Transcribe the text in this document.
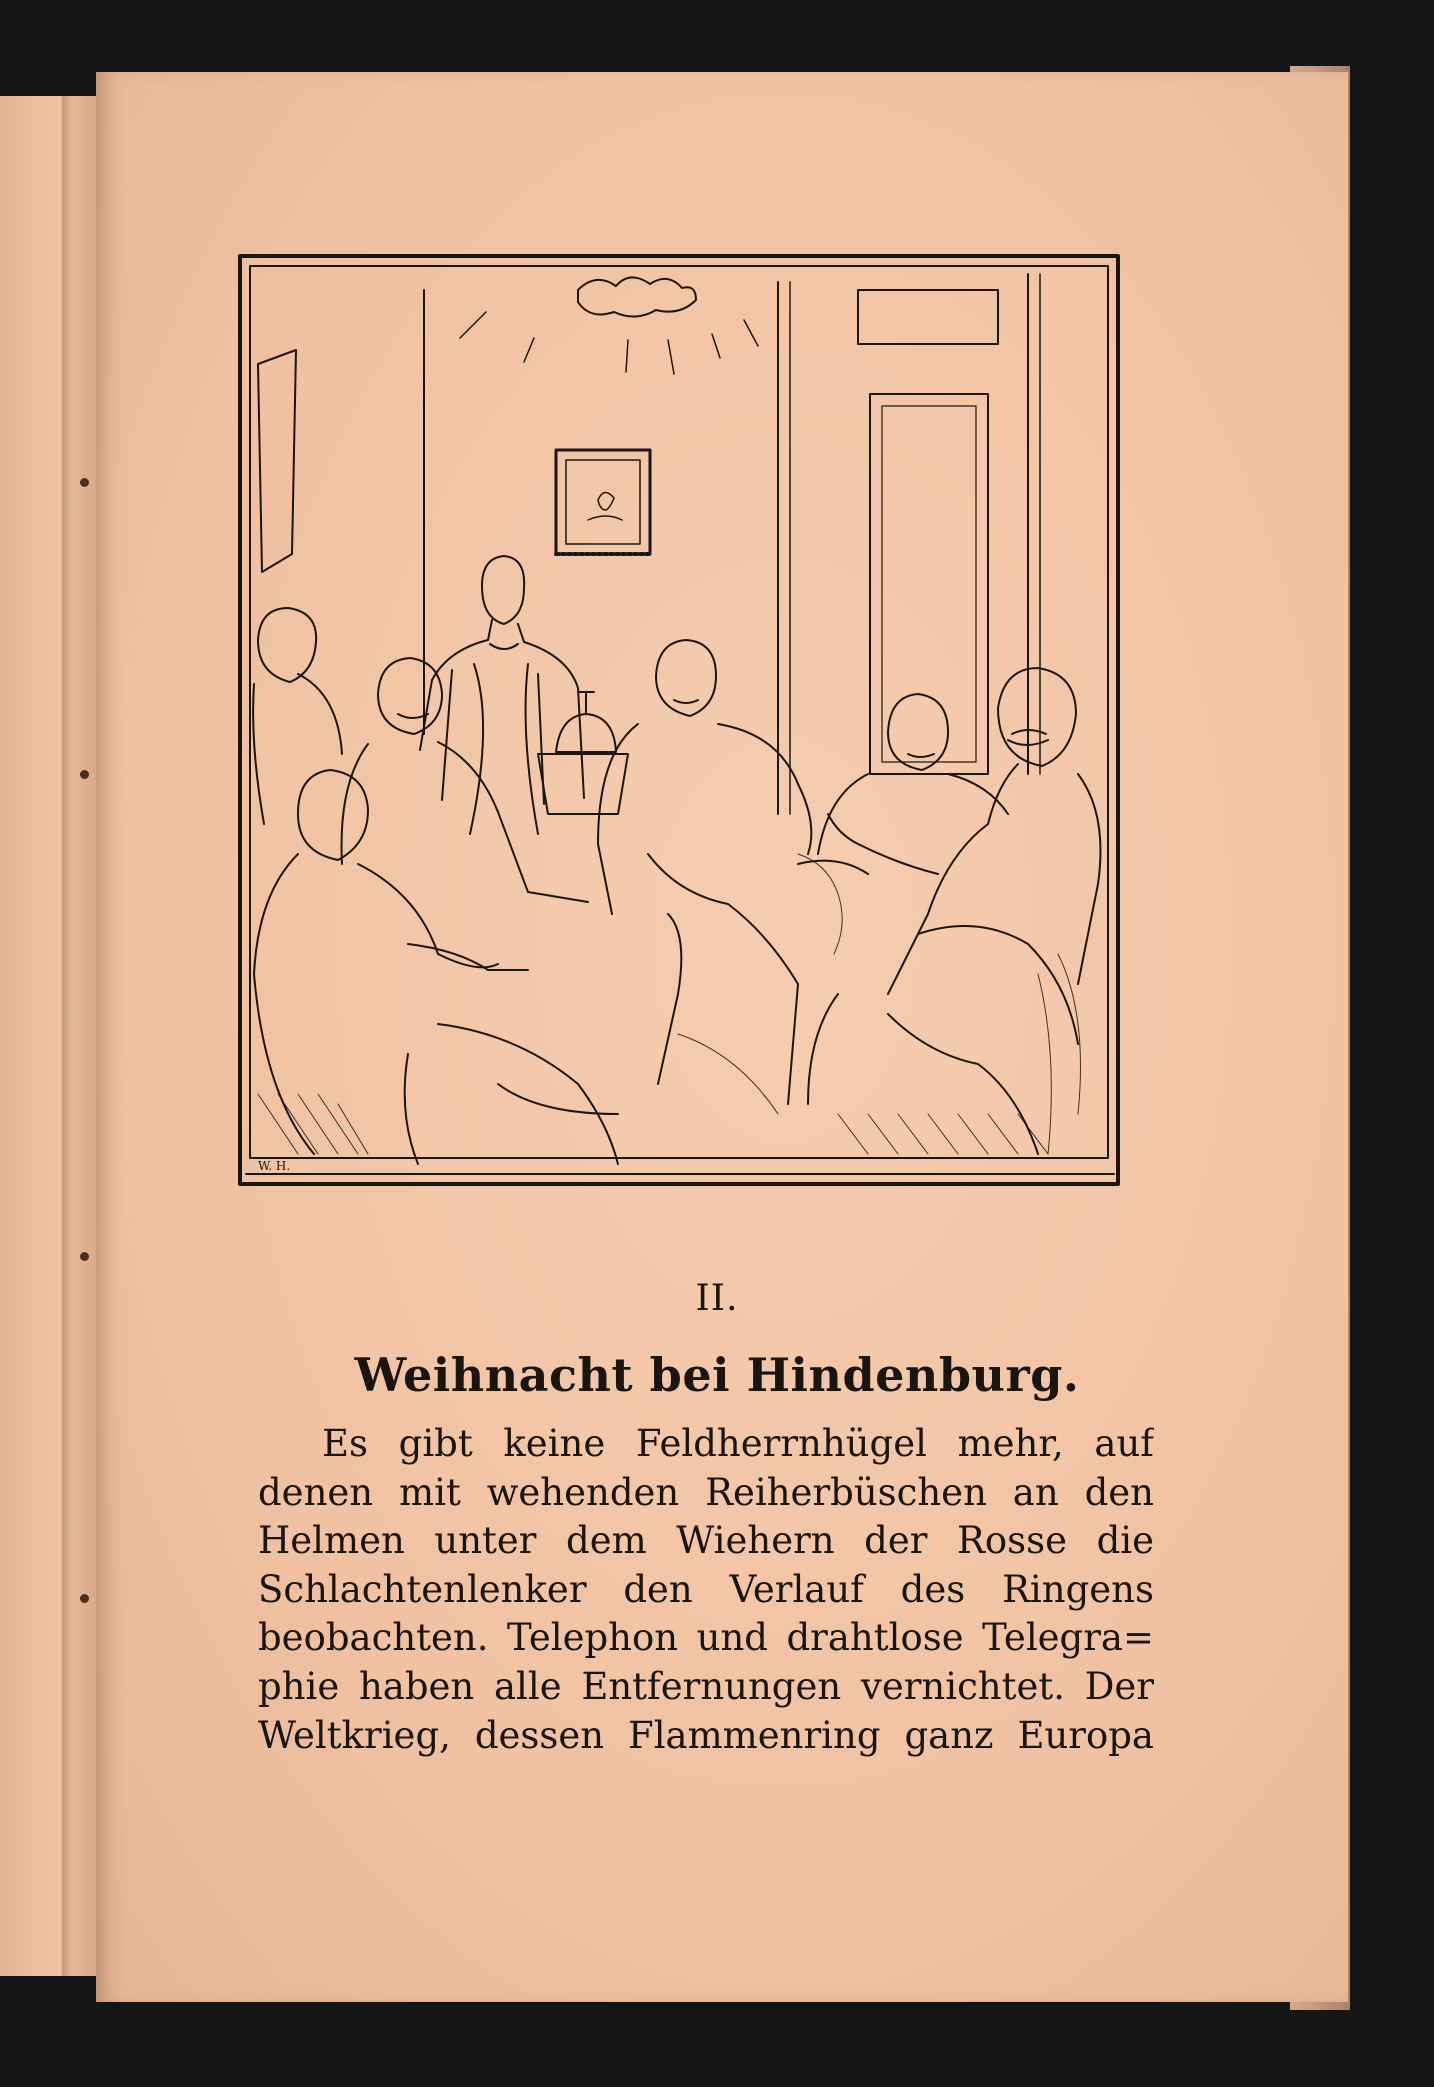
W. H.
II.
Weihnacht bei Hindenburg.
Es gibt keine Feldherrnhügel mehr, auf
denen mit wehenden Reiherbüschen an den
Helmen unter dem Wiehern der Rosse die
Schlachtenlenker den Verlauf des Ringens
beobachten. Telephon und drahtlose Telegra=
phie haben alle Entfernungen vernichtet. Der
Weltkrieg, dessen Flammenring ganz Europa
